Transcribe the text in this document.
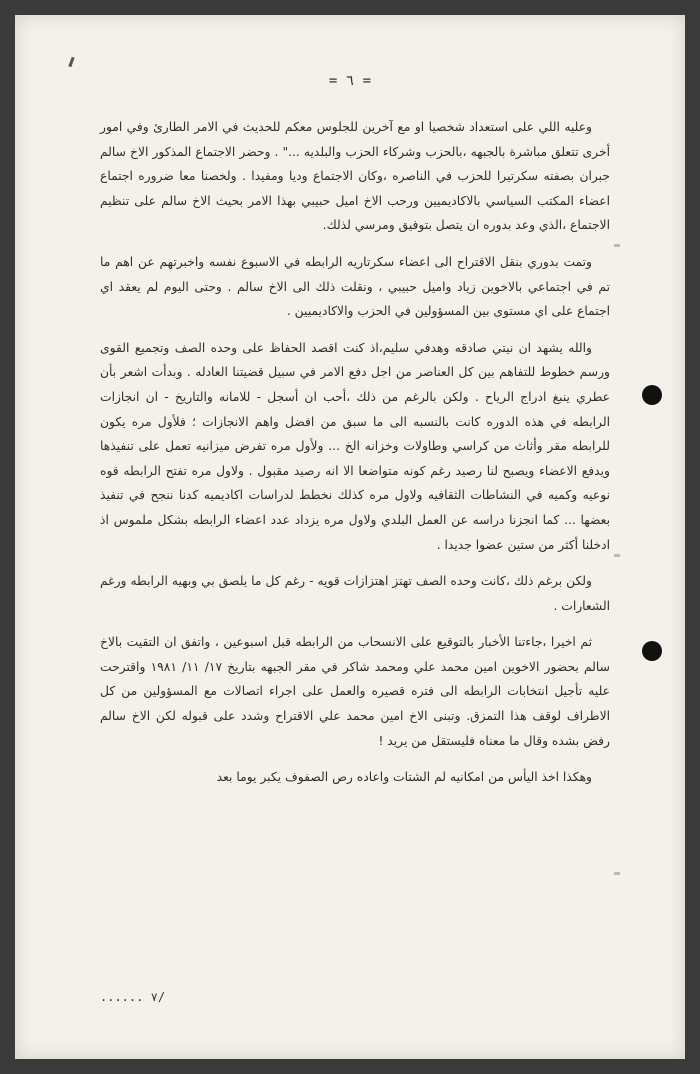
= ٦ =

وعليه اللي على استعداد شخصيا او مع آخرين للجلوس معكم للحديث في الامر الطارئ وفي امور أخرى تتعلق مباشرة بالجبهه ،بالحزب وشركاء الحزب والبلديه ..." . وحضر الاجتماع المذكور الاخ سالم جبران بصفته سكرتيرا للحزب في الناصره ،وكان الاجتماع وديا ومفيدا . ولخصنا معا ضروره اجتماع اعضاء المكتب السياسي بالاكاديميين ورحب الاخ اميل حبيبي بهذا الامر بحيث الاخ سالم على تنظيم الاجتماع ،الذي وعد بدوره ان يتصل بتوفيق ومرسي لذلك.

وتمت بدوري بنقل الاقتراح الى اعضاء سكرتاريه الرابطه في الاسبوع نفسه واخبرتهم عن اهم ما تم في اجتماعي بالاخوين زياد واميل حبيبي ، ونقلت ذلك الى الاخ سالم . وحتى اليوم لم يعقد اي اجتماع على اي مستوى بين المسؤولين في الحزب والاكاديميين .

والله يشهد ان نيتي صادقه وهدفي سليم،اذ كنت اقصد الحفاظ على وحده الصف وتجميع القوى ورسم خطوط للتفاهم بين كل العناصر من اجل دفع الامر في سبيل قضيتنا العادله . وبدأت اشعر بأن عطري ينبغ ادراج الرياح . ولكن بالرغم من ذلك ،أحب ان أسجل - للامانه والتاريخ - ان انجازات الرابطه في هذه الدوره كانت بالنسبه الى ما سبق من افضل واهم الانجازات ؛ فلأول مره يكون للرابطه مقر وأثاث من كراسي وطاولات وخزانه الخ ... ولأول مره تفرض ميزانيه تعمل على تنفيذها ويدفع الاعضاء ويصبح لنا رصيد رغم كونه متواضعا الا انه رصيد مقبول . ولاول مره تفتح الرابطه قوه نوعيه وكميه في النشاطات الثقافيه ولاول مره كذلك نخطط لدراسات اكاديميه كدنا ننجح في تنفيذ بعضها ... كما انجزنا دراسه عن العمل البلدي ولاول مره يزداد عدد اعضاء الرابطه بشكل ملموس اذ ادخلنا أكثر من ستين عضوا جديدا .

ولكن برغم ذلك ،كانت وحده الصف تهتز اهتزازات قويه - رغم كل ما يلصق بي وبهيه الرابطه ورغم الشعارات .

ثم اخيرا ،جاءتنا الأخبار بالتوقيع على الانسحاب من الرابطه قبل اسبوعين ، واتفق ان التقيت بالاخ سالم بحضور الاخوين امين محمد علي ومحمد شاكر في مقر الجبهه بتاريخ ١٧/ ١١/ ١٩٨١ واقترحت عليه تأجيل انتخابات الرابطه الى فتره قصيره والعمل على اجراء اتصالات مع المسؤولين من كل الاطراف لوقف هذا التمزق. وتبنى الاخ امين محمد علي الاقتراح وشدد على قبوله لكن الاخ سالم رفض بشده وقال ما معناه فليستقل من يريد !

وهكذا اخذ اليأس من امكانيه لم الشتات واعاده رص الصفوف يكبر يوما بعد

/٧ ......
